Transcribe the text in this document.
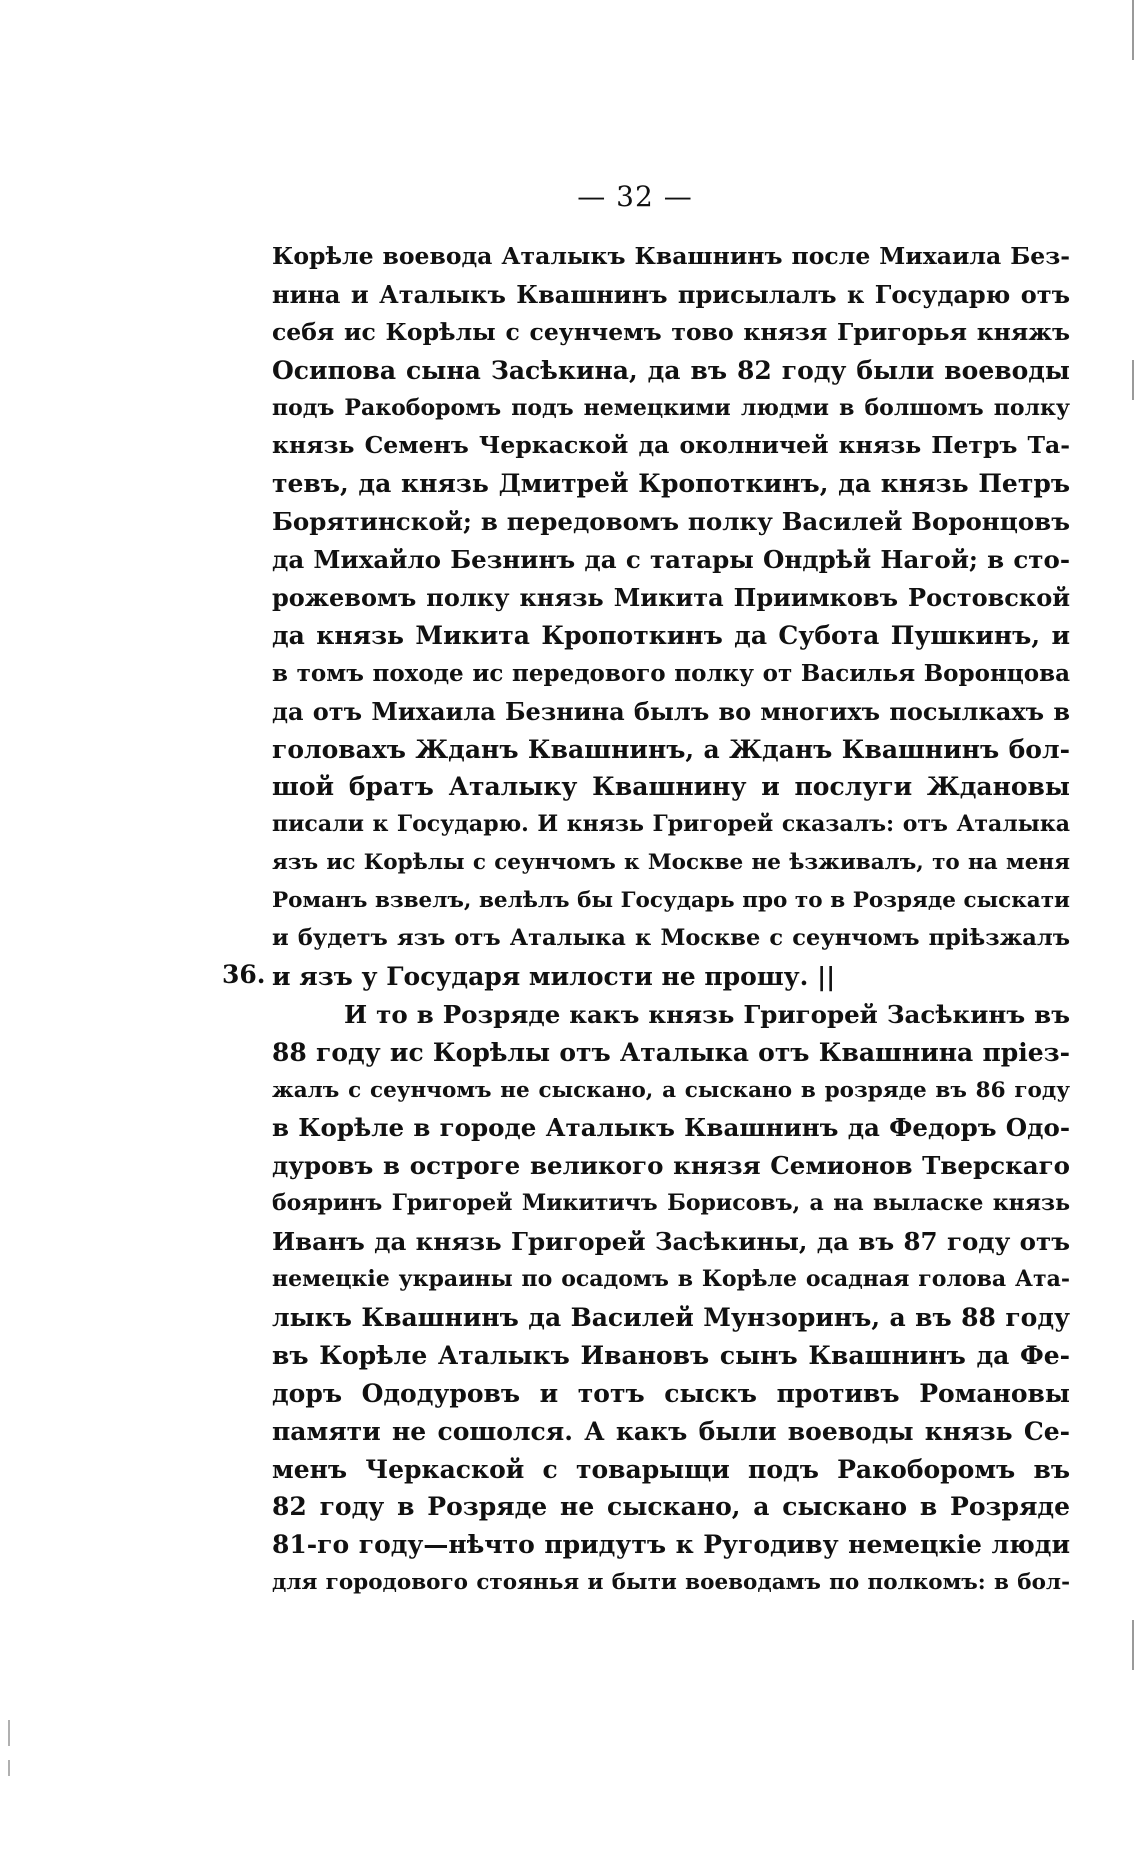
— 32 —
36.
Корѣле воевода Аталыкъ Квашнинъ после Михаила Без-
нина и Аталыкъ Квашнинъ присылалъ к Государю отъ
себя ис Корѣлы с сеунчемъ тово князя Григорья княжъ
Осипова сына Засѣкина, да въ 82 году были воеводы
подъ Ракоборомъ подъ немецкими людми в болшомъ полку
князь Семенъ Черкаской да околничей князь Петръ Та-
тевъ, да князь Дмитрей Кропоткинъ, да князь Петръ
Борятинской; в передовомъ полку Василей Воронцовъ
да Михайло Безнинъ да с татары Ондрѣй Нагой; в сто-
рожевомъ полку князь Микита Приимковъ Ростовской
да князь Микита Кропоткинъ да Субота Пушкинъ, и
в томъ походе ис передового полку от Василья Воронцова
да отъ Михаила Безнина былъ во многихъ посылкахъ в
головахъ Жданъ Квашнинъ, а Жданъ Квашнинъ бол-
шой братъ Аталыку Квашнину и послуги Ждановы
писали к Государю. И князь Григорей сказалъ: отъ Аталыка
язъ ис Корѣлы с сеунчомъ к Москве не ѣзживалъ, то на меня
Романъ взвелъ, велѣлъ бы Государь про то в Розряде сыскати
и будетъ язъ отъ Аталыка к Москве с сеунчомъ прiѣзжалъ
и язъ у Государя милости не прошу. ||
И то в Розряде какъ князь Григорей Засѣкинъ въ
88 году ис Корѣлы отъ Аталыка отъ Квашнина прiез-
жалъ с сеунчомъ не сыскано, а сыскано в розряде въ 86 году
в Корѣле в городе Аталыкъ Квашнинъ да Федоръ Одо-
дуровъ в остроге великого князя Семионов Тверскаго
бояринъ Григорей Микитичъ Борисовъ, а на выласке князь
Иванъ да князь Григорей Засѣкины, да въ 87 году отъ
немецкiе украины по осадомъ в Корѣле осадная голова Ата-
лыкъ Квашнинъ да Василей Мунзоринъ, а въ 88 году
въ Корѣле Аталыкъ Ивановъ сынъ Квашнинъ да Фе-
доръ Ододуровъ и тотъ сыскъ противъ Романовы
памяти не сошолся. А какъ были воеводы князь Се-
менъ Черкаской с товарыщи подъ Ракоборомъ въ
82 году в Розряде не сыскано, а сыскано в Розряде
81-го году—нѣчто придутъ к Ругодиву немецкiе люди
для городового стоянья и быти воеводамъ по полкомъ: в бол-
